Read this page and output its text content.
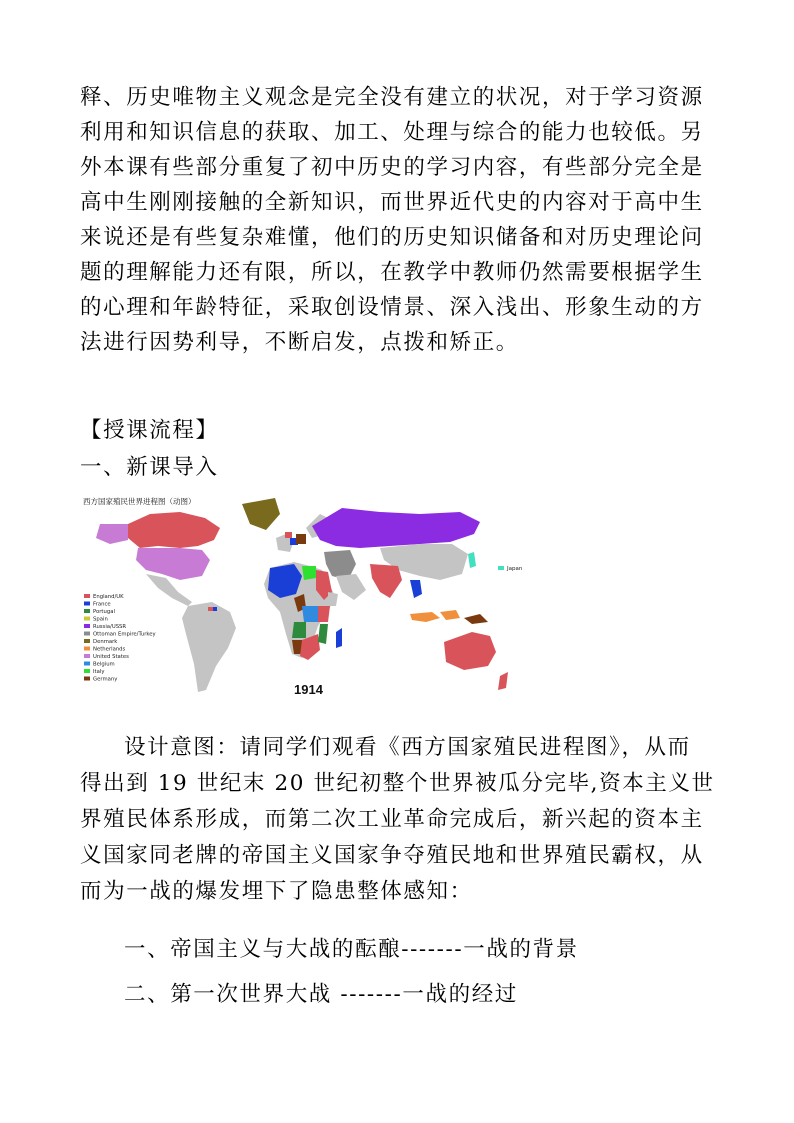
释、历史唯物主义观念是完全没有建立的状况，对于学习资源
利用和知识信息的获取、加工、处理与综合的能力也较低。另
外本课有些部分重复了初中历史的学习内容，有些部分完全是
高中生刚刚接触的全新知识，而世界近代史的内容对于高中生
来说还是有些复杂难懂，他们的历史知识储备和对历史理论问
题的理解能力还有限，所以，在教学中教师仍然需要根据学生
的心理和年龄特征，采取创设情景、深入浅出、形象生动的方
法进行因势利导，不断启发，点拨和矫正。
【授课流程】
一、新课导入
西方国家殖民世界进程图（动图）
England/UK
France
Portugal
Spain
Russia/USSR
Ottoman Empire/Turkey
Denmark
Netherlands
United States
Belgium
Italy
Germany
Japan
1914
设计意图：请同学们观看《西方国家殖民进程图》，从而
得出到 19 世纪末 20 世纪初整个世界被瓜分完毕,资本主义世
界殖民体系形成，而第二次工业革命完成后，新兴起的资本主
义国家同老牌的帝国主义国家争夺殖民地和世界殖民霸权，从
而为一战的爆发埋下了隐患整体感知：
一、帝国主义与大战的酝酿-------一战的背景
二、第一次世界大战 -------一战的经过
